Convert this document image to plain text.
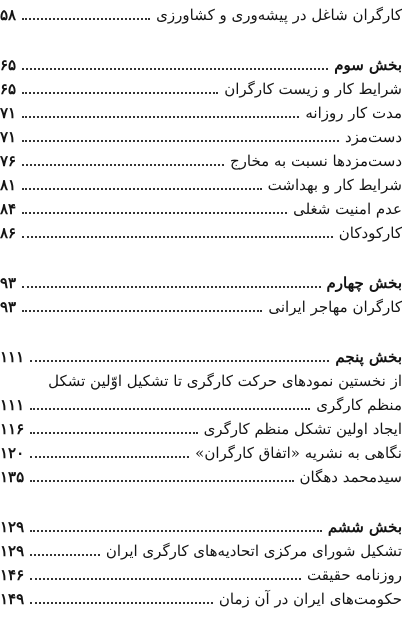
کارگران شاغل در پیشه‌وری و کشاورزی
۵۸
بخش سوم
۶۵
شرایط کار و زیست کارگران
۶۵
مدت کار روزانه
۷۱
دست‌مزد
۷۱
دست‌مزدها نسبت به مخارج
۷۶
شرایط کار و بهداشت
۸۱
عدم امنیت شغلی
۸۴
کارکودکان
۸۶
بخش چهارم
۹۳
کارگران مهاجر ایرانی
۹۳
بخش پنجم
۱۱۱
از نخستین نمودهای حرکت کارگری تا تشکیل اوّلین تشکل
منظم کارگری
۱۱۱
ایجاد اولین تشکل منظم کارگری
۱۱۶
نگاهی به نشریه «اتفاق کارگران»
۱۲۰
سیدمحمد دهگان
۱۳۵
بخش ششم
۱۲۹
تشکیل شورای مرکزی اتحادیه‌های کارگری ایران
۱۲۹
روزنامه حقیقت
۱۴۶
حکومت‌های ایران در آن زمان
۱۴۹
